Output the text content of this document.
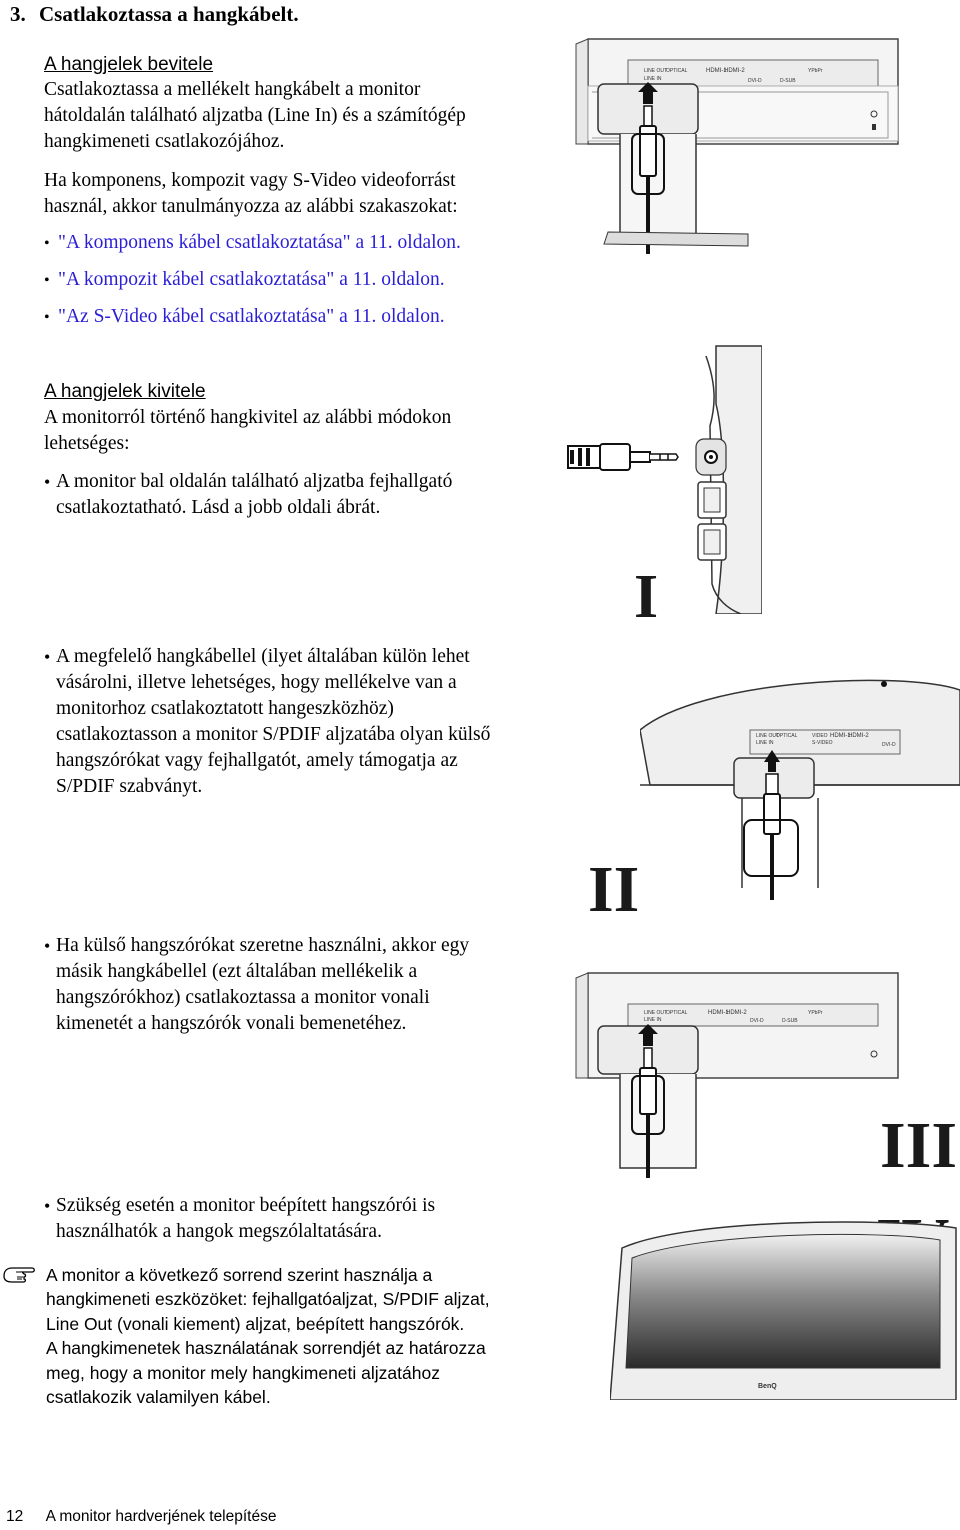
3. Csatlakoztassa a hangkábelt.
A hangjelek bevitele
Csatlakoztassa a mellékelt hangkábelt a monitor
hátoldalán található aljzatba (Line In) és a számítógép
hangkimeneti csatlakozójához.
Ha komponens, kompozit vagy S-Video videoforrást
használ, akkor tanulmányozza az alábbi szakaszokat:
• "A komponens kábel csatlakoztatása" a 11. oldalon.
• "A kompozit kábel csatlakoztatása" a 11. oldalon.
• "Az S-Video kábel csatlakoztatása" a 11. oldalon.
A hangjelek kivitele
A monitorról történő hangkivitel az alábbi módokon
lehetséges:
• A monitor bal oldalán található aljzatba fejhallgató
csatlakoztatható. Lásd a jobb oldali ábrát.
• A megfelelő hangkábellel (ilyet általában külön lehet
vásárolni, illetve lehetséges, hogy mellékelve van a
monitorhoz csatlakoztatott hangeszközhöz)
csatlakoztasson a monitor S/PDIF aljzatába olyan külső
hangszórókat vagy fejhallgatót, amely támogatja az
S/PDIF szabványt.
• Ha külső hangszórókat szeretne használni, akkor egy
másik hangkábellel (ezt általában mellékelik a
hangszórókhoz) csatlakoztassa a monitor vonali
kimenetét a hangszórók vonali bemenetéhez.
• Szükség esetén a monitor beépített hangszórói is
használhatók a hangok megszólaltatására.
A monitor a következő sorrend szerint használja a
hangkimeneti eszközöket: fejhallgatóaljzat, S/PDIF aljzat,
Line Out (vonali kiement) aljzat, beépített hangszórók.
A hangkimenetek használatának sorrendjét az határozza
meg, hogy a monitor mely hangkimeneti aljzatához
csatlakozik valamilyen kábel.
LINE OUT
LINE IN
OPTICAL	HDMI-1
HDMI-2
DVI-D	D-SUB
YPbPr
I
LINE OUT
LINE IN
OPTICAL	VIDEO
S-VIDEO
HDMI-1
HDMI-2
DVI-D
II
LINE OUT
LINE IN
OPTICAL	HDMI-1
HDMI-2
DVI-D	D-SUB
YPbPr
III
BenQ
12 A monitor hardverjének telepítése
